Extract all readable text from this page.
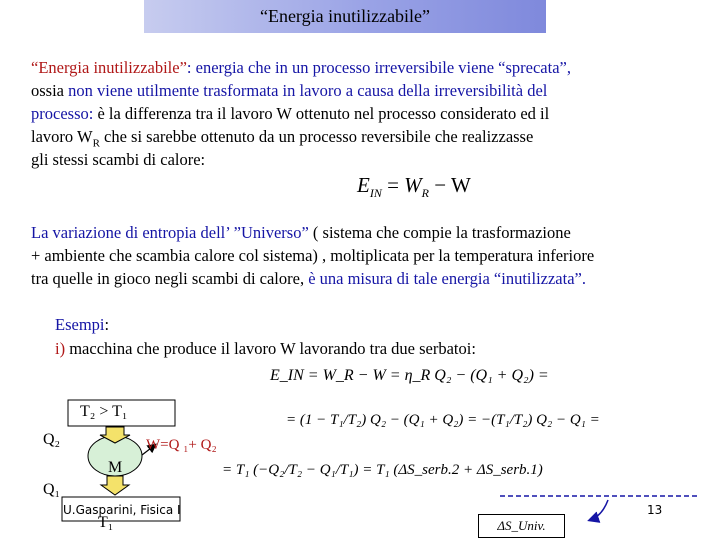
“Energia inutilizzabile”
“Energia inutilizzabile”: energia che in un processo irreversibile viene “sprecata”,
ossia non viene utilmente trasformata in lavoro a causa della irreversibilità del
processo: è la differenza tra il lavoro W ottenuto nel processo considerato ed il
lavoro $W_R$ che si sarebbe ottenuto da un processo reversibile che realizzasse
gli stessi scambi di calore:
$E_{IN} = W_R - W$
La variazione di entropia dell’ ”Universo” ( sistema che compie la trasformazione
+ ambiente che scambia calore col sistema) , moltiplicata per la temperatura inferiore
tra quelle in gioco negli scambi di calore, è una misura di tale energia “inutilizzata”.
Esempi:
i) macchina che produce il lavoro W lavorando tra due serbatoi:
T₂ > T₁
Q₂	W=Q ₁+ Q₂
M
Q₁
U.Gasparini, Fisica I
T₁
E_IN = W_R − W = η_R Q₂ − (Q₁ + Q₂) =
= (1 − T₁/T₂) Q₂ − (Q₁ + Q₂) = −(T₁/T₂) Q₂ − Q₁ =
= T₁ (−Q₂/T₂ − Q₁/T₁) = T₁ (ΔS_serb.2 + ΔS_serb.1)
ΔS_Univ.
13
